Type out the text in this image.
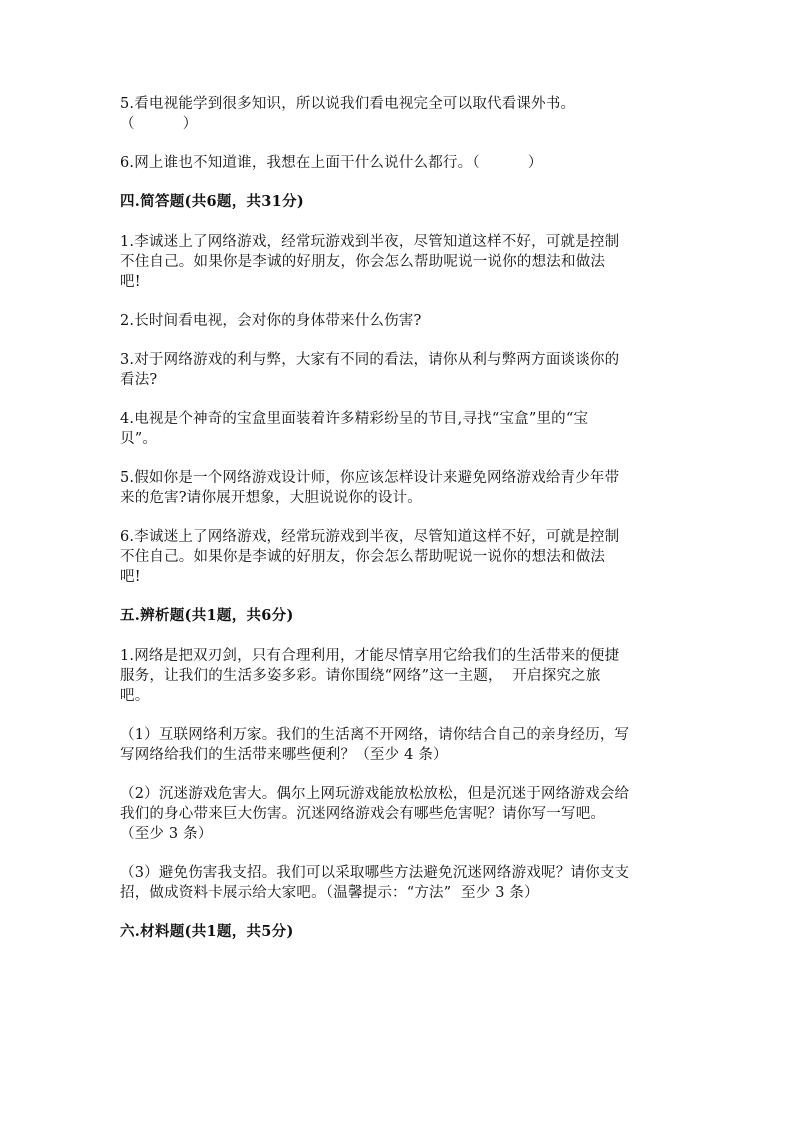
5.看电视能学到很多知识，所以说我们看电视完全可以取代看课外书。
（          ）

6.网上谁也不知道谁，我想在上面干什么说什么都行。（          ）

四.简答题(共6题，共31分)

1.李诚迷上了网络游戏，经常玩游戏到半夜，尽管知道这样不好，可就是控制
不住自己。如果你是李诚的好朋友，你会怎么帮助呢说一说你的想法和做法
吧!

2.长时间看电视，会对你的身体带来什么伤害?

3.对于网络游戏的利与弊，大家有不同的看法，请你从利与弊两方面谈谈你的
看法?

4.电视是个神奇的宝盒里面装着许多精彩纷呈的节目,寻找“宝盒”里的“宝
贝”。

5.假如你是一个网络游戏设计师，你应该怎样设计来避免网络游戏给青少年带
来的危害?请你展开想象，大胆说说你的设计。

6.李诚迷上了网络游戏，经常玩游戏到半夜，尽管知道这样不好，可就是控制
不住自己。如果你是李诚的好朋友，你会怎么帮助呢说一说你的想法和做法
吧!

五.辨析题(共1题，共6分)

1.网络是把双刃剑，只有合理利用，才能尽情享用它给我们的生活带来的便捷
服务，让我们的生活多姿多彩。请你围绕“网络”这一主题，  开启探究之旅
吧。

（1）互联网络利万家。我们的生活离不开网络，请你结合自己的亲身经历，写
写网络给我们的生活带来哪些便利？（至少 4 条）

（2）沉迷游戏危害大。偶尔上网玩游戏能放松放松，但是沉迷于网络游戏会给
我们的身心带来巨大伤害。沉迷网络游戏会有哪些危害呢？请你写一写吧。
（至少 3 条）

（3）避免伤害我支招。我们可以采取哪些方法避免沉迷网络游戏呢？请你支支
招，做成资料卡展示给大家吧。（温馨提示：“方法”  至少 3 条）

六.材料题(共1题，共5分)
